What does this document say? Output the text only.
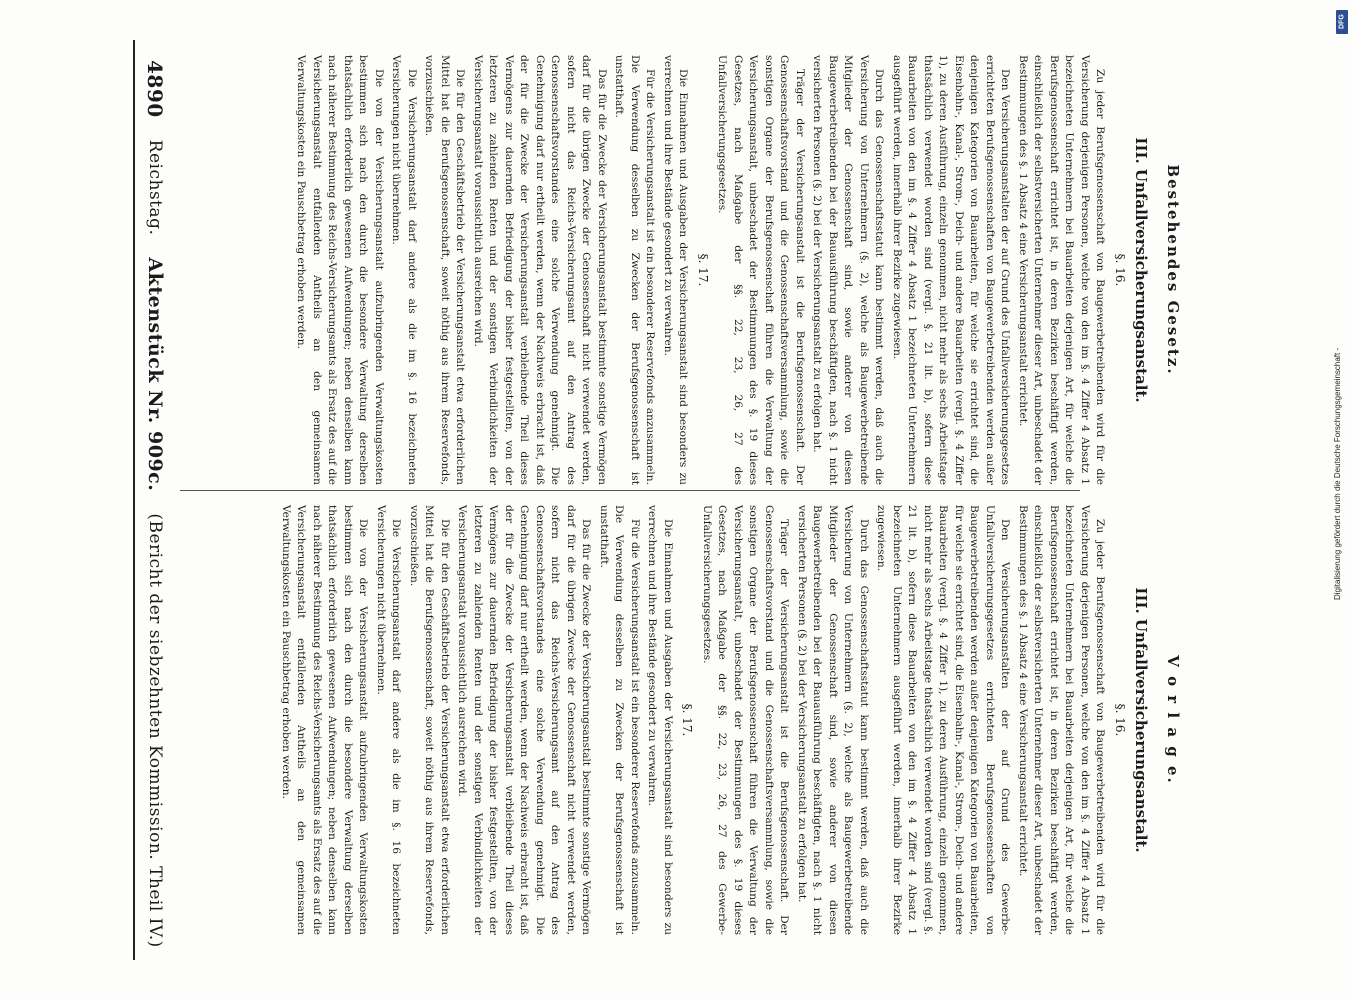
4890
Reichstag.
Aktenstück Nr. 909c.
(Bericht der siebzehnten Kommission. Theil IV.)
Bestehendes Gesetz.
III. Unfallversicherungsanstalt.
§. 16.

Zu jeder Berufsgenossenschaft von Baugewerbetreibenden wird für die Versicherung derjenigen Personen, welche von den im §. 4 Ziffer 4 Absatz 1 bezeichneten Unternehmern bei Bauarbeiten derjenigen Art, für welche die Berufsgenossenschaft errichtet ist, in deren Bezirken beschäftigt werden, einschließlich der selbstversicherten Unternehmer dieser Art, unbeschadet der Bestimmungen des §. 1 Absatz 4 eine Versicherungsanstalt errichtet.

Den Versicherungsanstalten der auf Grund des Unfallversicherungsgesetzes errichteten Berufsgenossenschaften von Baugewerbetreibenden werden außer denjenigen Kategorien von Bauarbeiten, für welche sie errichtet sind, die Eisenbahn-, Kanal-, Strom-, Deich- und andere Bauarbeiten (vergl. §. 4 Ziffer 1), zu deren Ausführung, einzeln genommen, nicht mehr als sechs Arbeitstage thatsächlich verwendet worden sind (vergl. §. 21 lit. b), sofern diese Bauarbeiten von den im §. 4 Ziffer 4 Absatz 1 bezeichneten Unternehmern ausgeführt werden, innerhalb ihrer Bezirke zugewiesen.

Durch das Genossenschaftsstatut kann bestimmt werden, daß auch die Versicherung von Unternehmern (§. 2), welche als Baugewerbetreibende Mitglieder der Genossenschaft sind, sowie anderer von diesen Baugewerbetreibenden bei der Bauausführung beschäftigten, nach §. 1 nicht versicherten Personen (§. 2) bei der Versicherungsanstalt zu erfolgen hat.

Träger der Versicherungsanstalt ist die Berufsgenossenschaft. Der Genossenschaftsvorstand und die Genossenschaftsversammlung, sowie die sonstigen Organe der Berufsgenossenschaft führen die Verwaltung der Versicherungsanstalt, unbeschadet der Bestimmungen des §. 19 dieses Gesetzes, nach Maßgabe der §§. 22, 23, 26, 27 des Unfallversicherungsgesetzes.

§. 17.

Die Einnahmen und Ausgaben der Versicherungsanstalt sind besonders zu verrechnen und ihre Bestände gesondert zu verwahren.

Für die Versicherungsanstalt ist ein besonderer Reservefonds anzusammeln. Die Verwendung desselben zu Zwecken der Berufsgenossenschaft ist unstatthaft.

Das für die Zwecke der Versicherungsanstalt bestimmte sonstige Vermögen darf für die übrigen Zwecke der Genossenschaft nicht verwendet werden, sofern nicht das Reichs-Versicherungsamt auf den Antrag des Genossenschaftsvorstandes eine solche Verwendung genehmigt. Die Genehmigung darf nur ertheilt werden, wenn der Nachweis erbracht ist, daß der für die Zwecke der Versicherungsanstalt verbleibende Theil dieses Vermögens zur dauernden Befriedigung der bisher festgestellten, von der letzteren zu zahlenden Renten und der sonstigen Verbindlichkeiten der Versicherungsanstalt voraussichtlich ausreichen wird.

Die für den Geschäftsbetrieb der Versicherungsanstalt etwa erforderlichen Mittel hat die Berufsgenossenschaft, soweit nöthig aus ihrem Reservefonds, vorzuschießen.

Die Versicherungsanstalt darf andere als die im §. 16 bezeichneten Versicherungen nicht übernehmen.

Die von der Versicherungsanstalt aufzubringenden Verwaltungskosten bestimmen sich nach den durch die besondere Verwaltung derselben thatsächlich erforderlich gewesenen Aufwendungen; neben denselben kann nach näherer Bestimmung des Reichs-Versicherungsamts als Ersatz des auf die Versicherungsanstalt entfallenden Antheils an den gemeinsamen Verwaltungskosten ein Pauschbetrag erhoben werden.

V o r l a g e.
III. Unfallversicherungsanstalt.
§. 16.

Zu jeder Berufsgenossenschaft von Baugewerbetreibenden wird für die Versicherung derjenigen Personen, welche von den im §. 4 Ziffer 4 Absatz 1 bezeichneten Unternehmern bei Bauarbeiten derjenigen Art, für welche die Berufsgenossenschaft errichtet ist, in deren Bezirken beschäftigt werden, einschließlich der selbstversicherten Unternehmer dieser Art, unbeschadet der Bestimmungen des §. 1 Absatz 4 eine Versicherungsanstalt errichtet.

Den Versicherungsanstalten der auf Grund des Gewerbe-Unfallversicherungsgesetzes errichteten Berufsgenossenschaften von Baugewerbetreibenden werden außer denjenigen Kategorien von Bauarbeiten, für welche sie errichtet sind, die Eisenbahn-, Kanal-, Strom-, Deich- und andere Bauarbeiten (vergl. §. 4 Ziffer 1), zu deren Ausführung, einzeln genommen, nicht mehr als sechs Arbeitstage thatsächlich verwendet worden sind (vergl. §. 21 lit. b), sofern diese Bauarbeiten von den im §. 4 Ziffer 4 Absatz 1 bezeichneten Unternehmern ausgeführt werden, innerhalb ihrer Bezirke zugewiesen.

Durch das Genossenschaftsstatut kann bestimmt werden, daß auch die Versicherung von Unternehmern (§. 2), welche als Baugewerbetreibende Mitglieder der Genossenschaft sind, sowie anderer von diesen Baugewerbetreibenden bei der Bauausführung beschäftigten, nach §. 1 nicht versicherten Personen (§. 2) bei der Versicherungsanstalt zu erfolgen hat.

Träger der Versicherungsanstalt ist die Berufsgenossenschaft. Der Genossenschaftsvorstand und die Genossenschaftsversammlung, sowie die sonstigen Organe der Berufsgenossenschaft führen die Verwaltung der Versicherungsanstalt, unbeschadet der Bestimmungen des §. 19 dieses Gesetzes, nach Maßgabe der §§. 22, 23, 26, 27 des Gewerbe-Unfallversicherungsgesetzes.

§. 17.

Die Einnahmen und Ausgaben der Versicherungsanstalt sind besonders zu verrechnen und ihre Bestände gesondert zu verwahren.

Für die Versicherungsanstalt ist ein besonderer Reservefonds anzusammeln. Die Verwendung desselben zu Zwecken der Berufsgenossenschaft ist unstatthaft.

Das für die Zwecke der Versicherungsanstalt bestimmte sonstige Vermögen darf für die übrigen Zwecke der Genossenschaft nicht verwendet werden, sofern nicht das Reichs-Versicherungsamt auf den Antrag des Genossenschaftsvorstandes eine solche Verwendung genehmigt. Die Genehmigung darf nur ertheilt werden, wenn der Nachweis erbracht ist, daß der für die Zwecke der Versicherungsanstalt verbleibende Theil dieses Vermögens zur dauernden Befriedigung der bisher festgestellten, von der letzteren zu zahlenden Renten und der sonstigen Verbindlichkeiten der Versicherungsanstalt voraussichtlich ausreichen wird.

Die für den Geschäftsbetrieb der Versicherungsanstalt etwa erforderlichen Mittel hat die Berufsgenossenschaft, soweit nöthig aus ihrem Reservefonds, vorzuschießen.

Die Versicherungsanstalt darf andere als die im §. 16 bezeichneten Versicherungen nicht übernehmen.

Die von der Versicherungsanstalt aufzubringenden Verwaltungskosten bestimmen sich nach den durch die besondere Verwaltung derselben thatsächlich erforderlich gewesenen Aufwendungen; neben denselben kann nach näherer Bestimmung des Reichs-Versicherungsamts als Ersatz des auf die Versicherungsanstalt entfallenden Antheils an den gemeinsamen Verwaltungskosten ein Pauschbetrag erhoben werden.

DFG
Digitalisierung gefördert durch die Deutsche Forschungsgemeinschaft -
